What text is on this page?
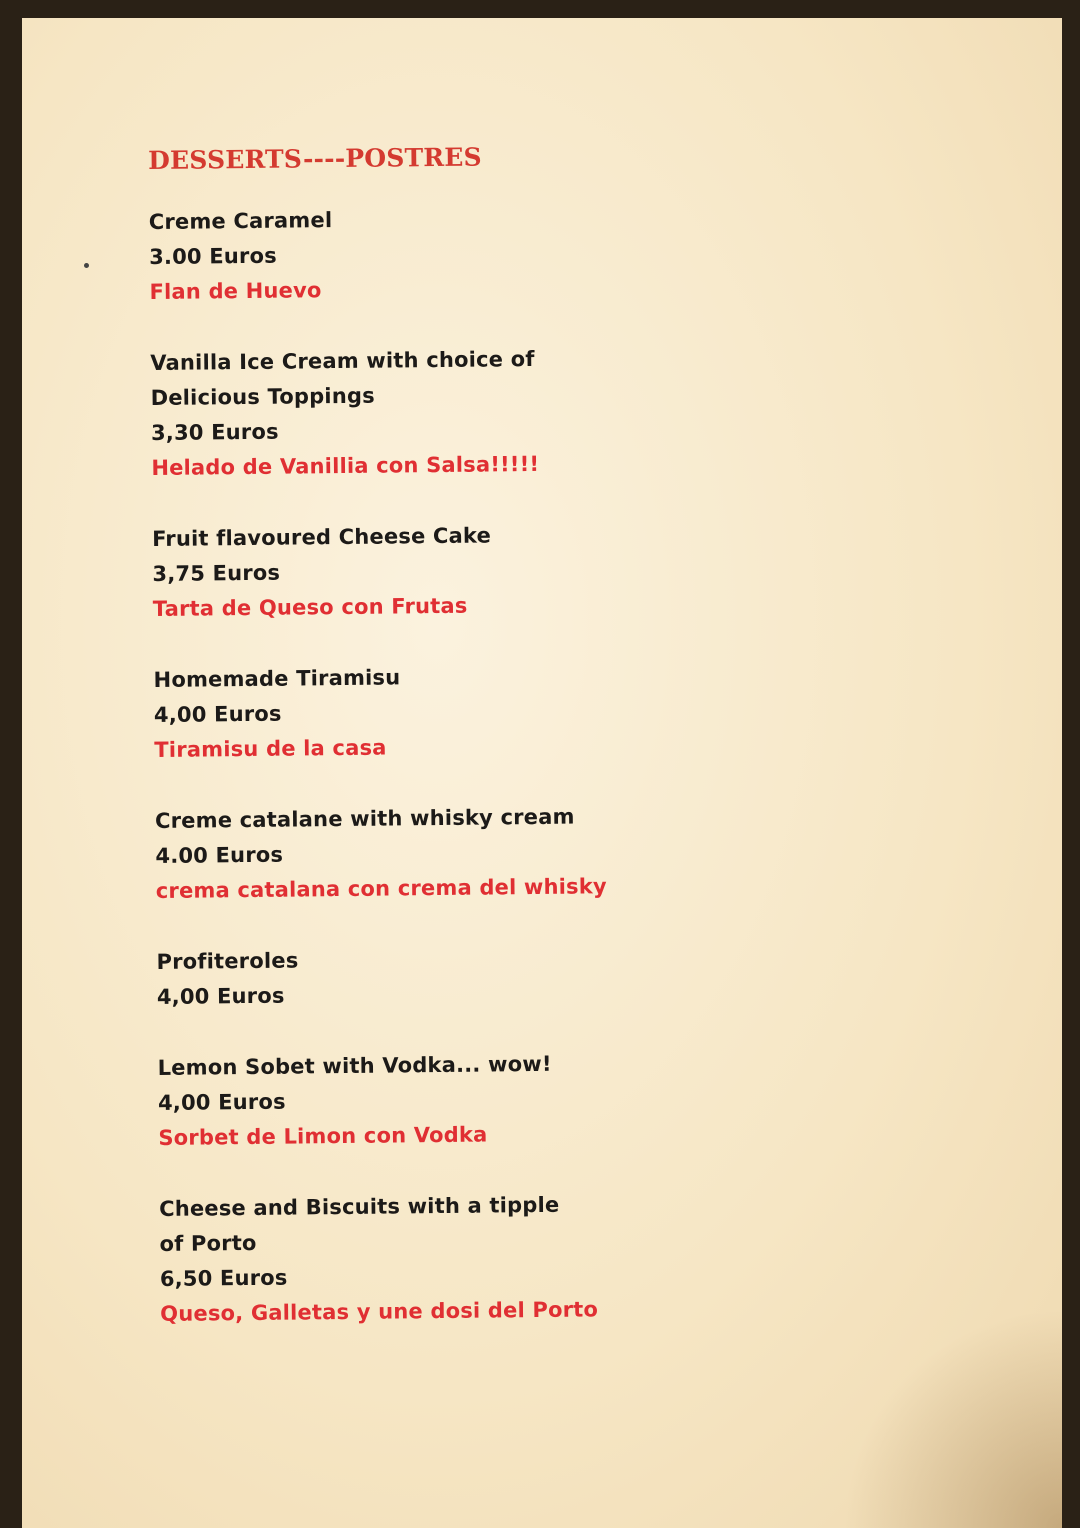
DESSERTS----POSTRES
Creme Caramel
3.00 Euros
Flan de Huevo
Vanilla Ice Cream with choice of
Delicious Toppings
3,30 Euros
Helado de Vanillia con Salsa!!!!!
Fruit flavoured Cheese Cake
3,75 Euros
Tarta de Queso con Frutas
Homemade Tiramisu
4,00 Euros
Tiramisu de la casa
Creme catalane with whisky cream
4.00 Euros
crema catalana con crema del whisky
Profiteroles
4,00 Euros
Lemon Sobet with Vodka... wow!
4,00 Euros
Sorbet de Limon con Vodka
Cheese and Biscuits with a tipple
of Porto
6,50 Euros
Queso, Galletas y une dosi del Porto
